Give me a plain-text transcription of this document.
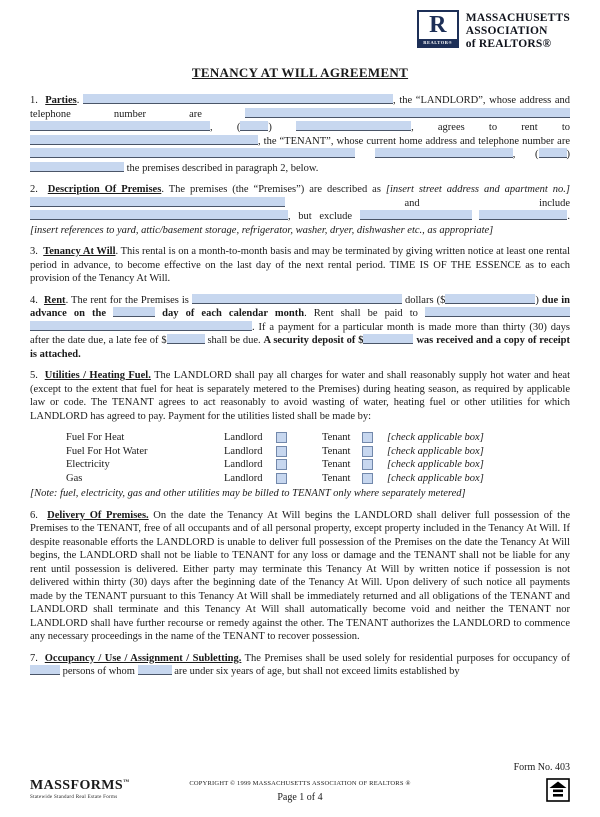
R
REALTOR®
MASSACHUSETTS
ASSOCIATION
of REALTORS®
TENANCY AT WILL AGREEMENT

1.  Parties.	, the “LANDLORD”, whose address and telephone number are  , (	)	, agrees to rent to , the “TENANT”, whose current home address and telephone number are  , (	)  the premises described in paragraph 2, below.

2.  Description Of Premises. The premises (the “Premises”) are described as [insert street address and apartment no.]  and include , but exclude	. [insert references to yard, attic/basement storage, refrigerator, washer, dryer, dishwasher etc., as appropriate]

3.  Tenancy At Will. This rental is on a month-to-month basis and may be terminated by giving written notice at least one rental period in advance, to become effective on the last day of the next rental period. TIME IS OF THE ESSENCE as to each provision of the Tenancy At Will.

4.  Rent. The rent for the Premises is	dollars ($	) due in advance on the	day of each calendar month. Rent shall be paid to  . If a payment for a particular month is made more than thirty (30) days after the date due, a late fee of $	shall be due. A security deposit of $	was received and a copy of receipt is attached.

5.  Utilities / Heating Fuel. The LANDLORD shall pay all charges for water and shall reasonably supply hot water and heat (except to the extent that fuel for heat is separately metered to the Premises) during heating season, as required by applicable law or code. The TENANT agrees to act reasonably to avoid wasting of water, heating fuel or other utilities for which LANDLORD has agreed to pay. Payment for the utilities listed shall be made by:

Fuel For Heat	Landlord	Tenant	[check applicable box]
Fuel For Hot Water	Landlord	Tenant	[check applicable box]
Electricity	Landlord	Tenant	[check applicable box]
Gas	Landlord	Tenant	[check applicable box]
[Note: fuel, electricity, gas and other utilities may be billed to TENANT only where separately metered]

6.  Delivery Of Premises. On the date the Tenancy At Will begins the LANDLORD shall deliver full possession of the Premises to the TENANT, free of all occupants and of all personal property, except property included in the Tenancy At Will. If despite reasonable efforts the LANDLORD is unable to deliver full possession of the Premises on the date the Tenancy At Will begins, the LANDLORD shall not be liable to TENANT for any loss or damage and the TENANT shall not be liable for any rent until possession is delivered. Either party may terminate this Tenancy At Will by written notice if possession is not delivered within thirty (30) days after the beginning date of the Tenancy At Will. Upon delivery of such notice all payments made by the TENANT pursuant to this Tenancy At Will shall be immediately returned and all obligations of the TENANT and LANDLORD shall terminate and this Tenancy At Will shall automatically become void and neither the TENANT nor LANDLORD shall have further recourse or remedy against the other. The TENANT authorizes the LANDLORD to commence any necessary proceedings in the name of the TENANT to recover possession.

7.  Occupancy / Use / Assignment / Subletting. The Premises shall be used solely for residential purposes for occupancy of  persons of whom	are under six years of age, but shall not exceed limits established by

Form No. 403
MASSFORMS™
Statewide Standard Real Estate Forms
COPYRIGHT © 1999 MASSACHUSETTS ASSOCIATION OF REALTORS ®
Page 1 of 4
